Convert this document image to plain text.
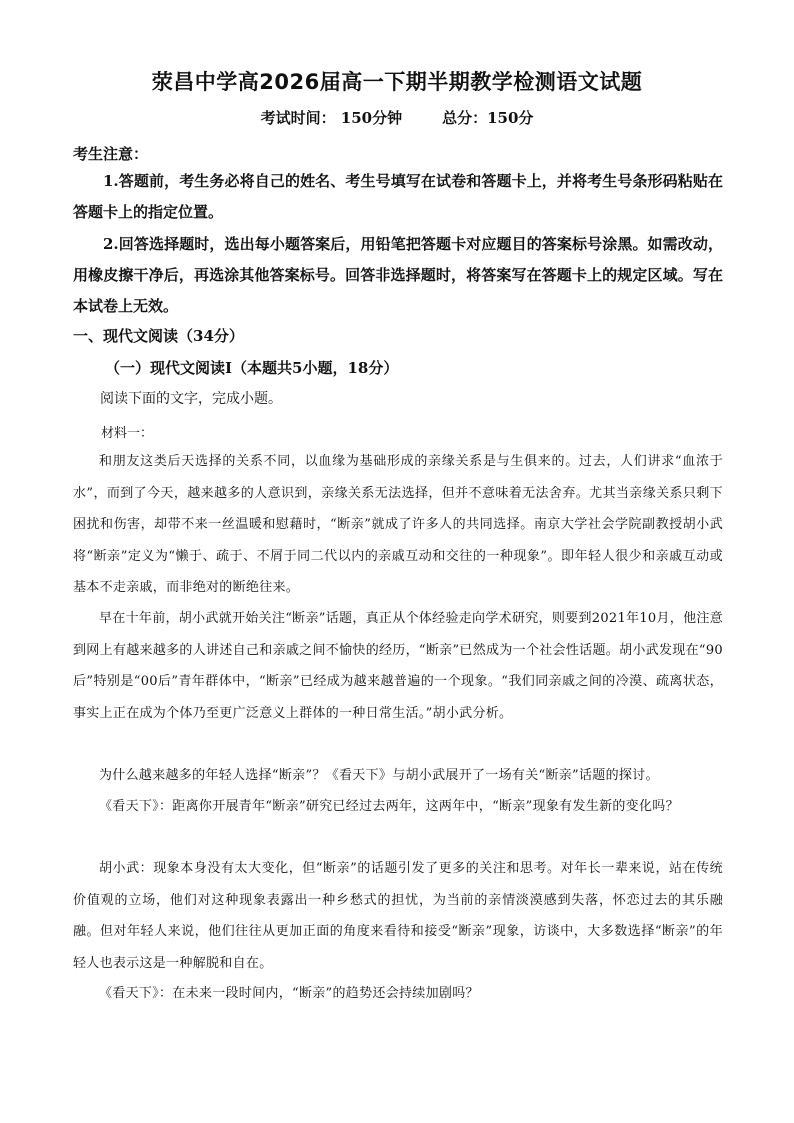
荥昌中学高2026届高一下期半期教学检测语文试题
考试时间： 150分钟	总分：150分
考生注意：
1.答题前，考生务必将自己的姓名、考生号填写在试卷和答题卡上，并将考生号条形码粘贴在答题卡上的指定位置。
2.回答选择题时，选出每小题答案后，用铅笔把答题卡对应题目的答案标号涂黑。如需改动，用橡皮擦干净后，再选涂其他答案标号。回答非选择题时，将答案写在答题卡上的规定区域。写在本试卷上无效。
一、现代文阅读（34分）
（一）现代文阅读Ⅰ（本题共5小题，18分）
阅读下面的文字，完成小题。
材料一：
和朋友这类后天选择的关系不同，以血缘为基础形成的亲缘关系是与生俱来的。过去，人们讲求“血浓于水”，而到了今天，越来越多的人意识到，亲缘关系无法选择，但并不意味着无法舍弃。尤其当亲缘关系只剩下困扰和伤害，却带不来一丝温暖和慰藉时，“断亲”就成了许多人的共同选择。南京大学社会学院副教授胡小武将“断亲”定义为“懒于、疏于、不屑于同二代以内的亲戚互动和交往的一种现象”。即年轻人很少和亲戚互动或基本不走亲戚，而非绝对的断绝往来。
早在十年前，胡小武就开始关注“断亲”话题，真正从个体经验走向学术研究，则要到2021年10月，他注意到网上有越来越多的人讲述自己和亲戚之间不愉快的经历，“断亲”已然成为一个社会性话题。胡小武发现在“90后”特别是“00后”青年群体中，“断亲”已经成为越来越普遍的一个现象。“我们同亲戚之间的冷漠、疏离状态，事实上正在成为个体乃至更广泛意义上群体的一种日常生活。”胡小武分析。
为什么越来越多的年轻人选择“断亲”？《看天下》与胡小武展开了一场有关“断亲”话题的探讨。
《看天下》：距离你开展青年“断亲”研究已经过去两年，这两年中，“断亲”现象有发生新的变化吗？
胡小武：现象本身没有太大变化，但“断亲”的话题引发了更多的关注和思考。对年长一辈来说，站在传统价值观的立场，他们对这种现象表露出一种乡愁式的担忧，为当前的亲情淡漠感到失落，怀恋过去的其乐融融。但对年轻人来说，他们往往从更加正面的角度来看待和接受“断亲”现象，访谈中，大多数选择“断亲”的年轻人也表示这是一种解脱和自在。
《看天下》：在未来一段时间内，“断亲”的趋势还会持续加剧吗？
